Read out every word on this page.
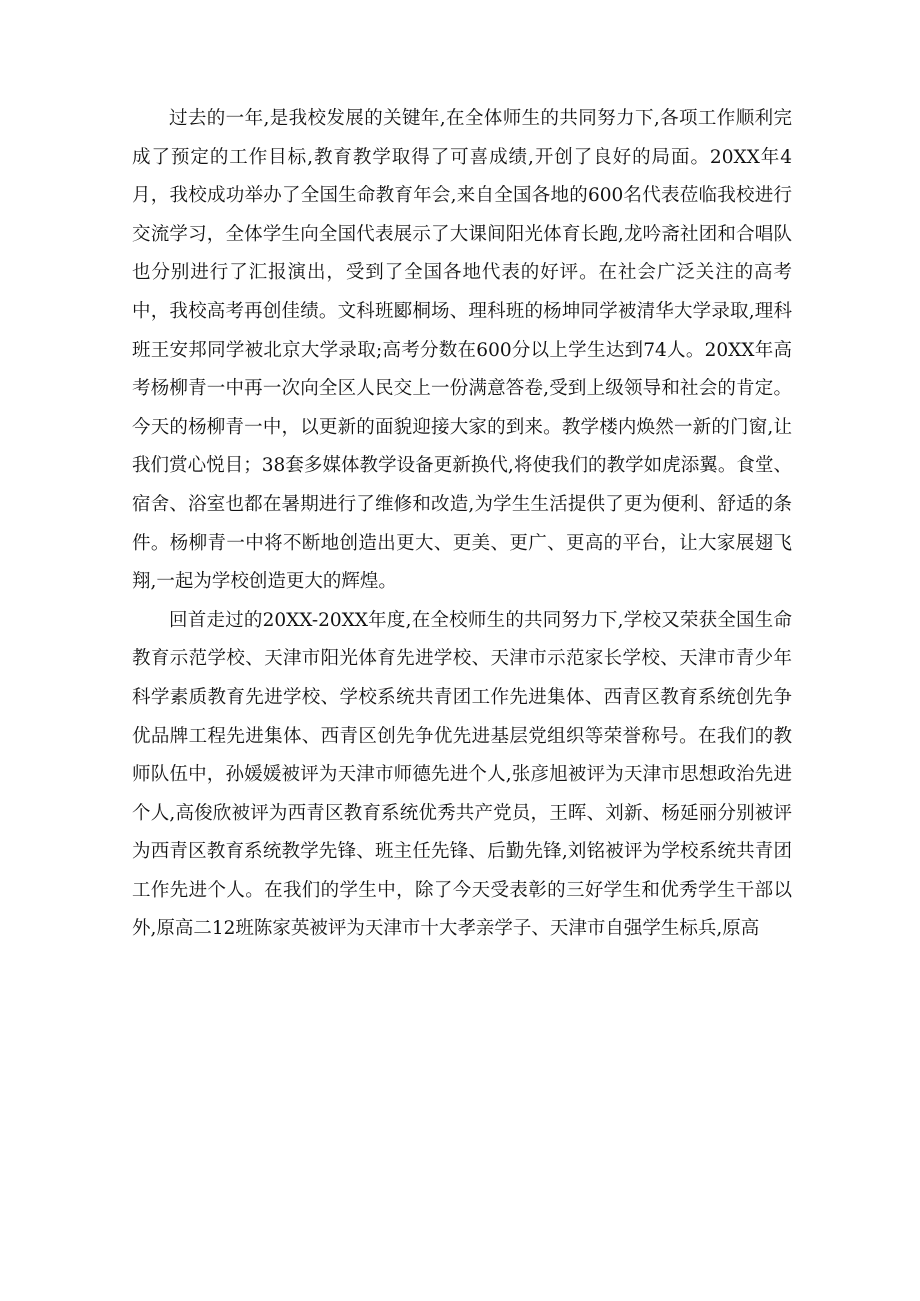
过去的一年,是我校发展的关键年,在全体师生的共同努力下,各项工作顺利完成了预定的工作目标,教育教学取得了可喜成绩,开创了良好的局面。20XX年4月，我校成功举办了全国生命教育年会,来自全国各地的600名代表莅临我校进行交流学习，全体学生向全国代表展示了大课间阳光体育长跑,龙吟斋社团和合唱队也分别进行了汇报演出，受到了全国各地代表的好评。在社会广泛关注的高考中，我校高考再创佳绩。文科班郾桐场、理科班的杨坤同学被清华大学录取,理科班王安邦同学被北京大学录取;高考分数在600分以上学生达到74人。20XX年高考杨柳青一中再一次向全区人民交上一份满意答卷,受到上级领导和社会的肯定。今天的杨柳青一中，以更新的面貌迎接大家的到来。教学楼内焕然一新的门窗,让我们赏心悦目；38套多媒体教学设备更新换代,将使我们的教学如虎添翼。食堂、宿舍、浴室也都在暑期进行了维修和改造,为学生生活提供了更为便利、舒适的条件。杨柳青一中将不断地创造出更大、更美、更广、更高的平台，让大家展翅飞翔,一起为学校创造更大的辉煌。

回首走过的20XX-20XX年度,在全校师生的共同努力下,学校又荣获全国生命教育示范学校、天津市阳光体育先进学校、天津市示范家长学校、天津市青少年科学素质教育先进学校、学校系统共青团工作先进集体、西青区教育系统创先争优品牌工程先进集体、西青区创先争优先进基层党组织等荣誉称号。在我们的教师队伍中，孙媛媛被评为天津市师德先进个人,张彦旭被评为天津市思想政治先进个人,高俊欣被评为西青区教育系统优秀共产党员，王晖、刘新、杨延丽分别被评为西青区教育系统教学先锋、班主任先锋、后勤先锋,刘铭被评为学校系统共青团工作先进个人。在我们的学生中，除了今天受表彰的三好学生和优秀学生干部以外,原高二12班陈家英被评为天津市十大孝亲学子、天津市自强学生标兵,原高
